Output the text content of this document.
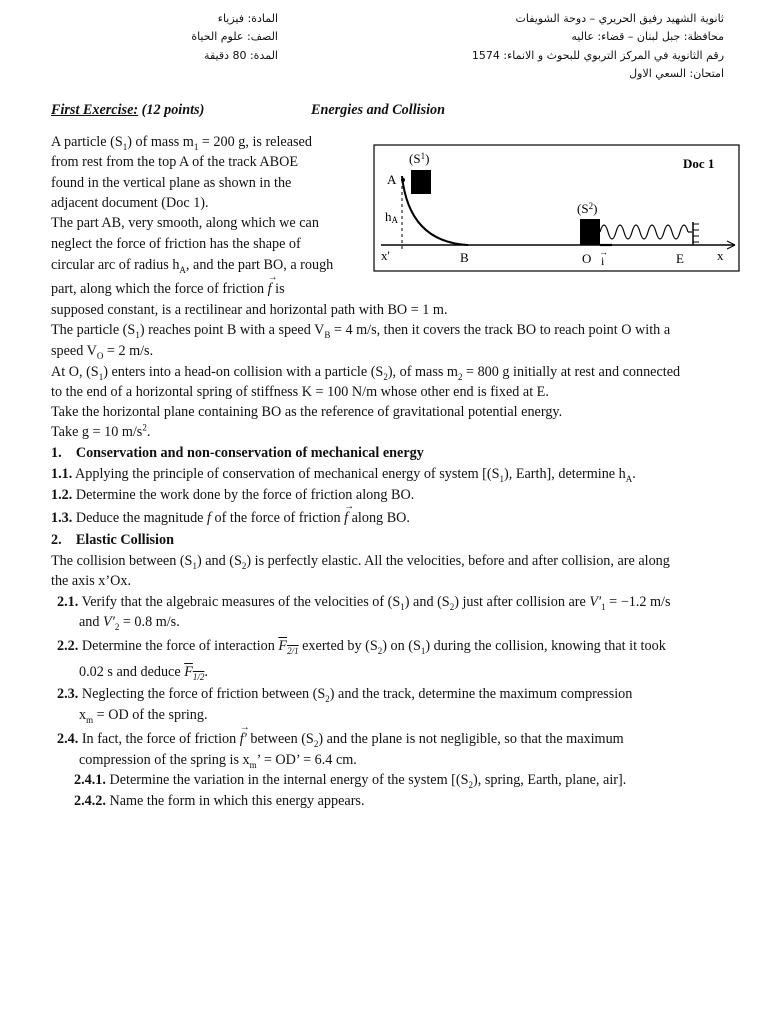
ثانوية الشهيد رفيق الحريري – دوحة الشويفات
محافظة: جبل لبنان – قضاء: عاليه
رقم الثانوية في المركز التربوي للبحوث و الانماء: 1574
امتحان: السعي الاول
المادة: فيزياء
الصف: علوم الحياة
المدة: 80 دقيقة
First Exercise: (12 points)	Energies and Collision
Doc 1
$(S^1)$
A
hA
$(S^2)$
x'	B	O i
→	E	x
A particle $(S_1)$ of mass $m_1 = 200$ g, is released
from rest from the top A of the track ABOE
found in the vertical plane as shown in the
adjacent document (Doc 1).
The part AB, very smooth, along which we can
neglect the force of friction has the shape of
circular arc of radius $h_A$, and the part BO, a rough
part, along which the force of friction → f is
supposed constant, is a rectilinear and horizontal path with BO = 1 m.
The particle $(S_1)$ reaches point B with a speed $V_B = 4$ m/s, then it covers the track BO to reach point O with a
speed $V_O = 2$ m/s.
At O, $(S_1)$ enters into a head-on collision with a particle $(S_2)$, of mass $m_2 = 800$ g initially at rest and connected
to the end of a horizontal spring of stiffness K = 100 N/m whose other end is fixed at E.
Take the horizontal plane containing BO as the reference of gravitational potential energy.
Take g = 10 $m/s^2$.
1. Conservation and non-conservation of mechanical energy
1.1. Applying the principle of conservation of mechanical energy of system [$(S_1)$, Earth], determine $h_A$.
1.2. Determine the work done by the force of friction along BO.
1.3. Deduce the magnitude f of the force of friction → f along BO.
2. Elastic Collision
The collision between $(S_1)$ and $(S_2)$ is perfectly elastic. All the velocities, before and after collision, are along
the axis x’Ox.
2.1. Verify that the algebraic measures of the velocities of $(S_1)$ and $(S_2)$ just after collision are $V'_1 = -1.2$ m/s
and $V'_2 = 0.8$ m/s.
2.2. Determine the force of interaction $F_{2/1}$ exerted by $(S_2)$ on $(S_1)$ during the collision, knowing that it took
0.02 s and deduce $F_{1/2}$.
2.3. Neglecting the force of friction between $(S_2)$ and the track, determine the maximum compression
$x_m$ = OD of the spring.
2.4. In fact, the force of friction → f′ between $(S_2)$ and the plane is not negligible, so that the maximum
compression of the spring is $x_m$’ = OD’ = 6.4 cm.
2.4.1. Determine the variation in the internal energy of the system [$(S_2)$, spring, Earth, plane, air].
2.4.2. Name the form in which this energy appears.
